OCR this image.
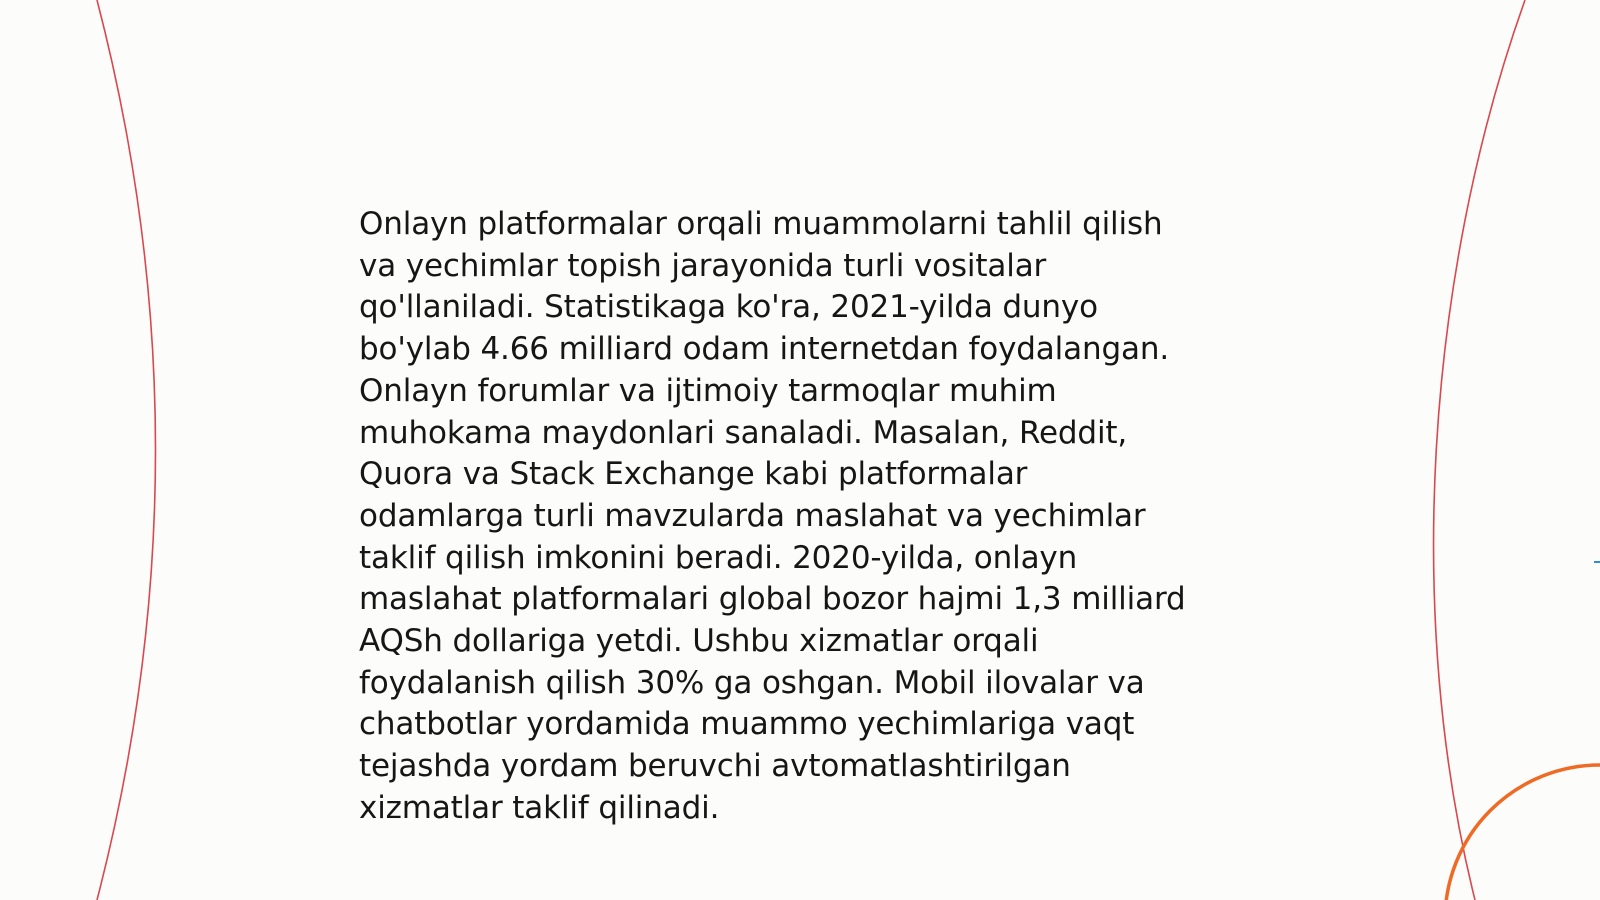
Onlayn platformalar orqali muammolarni tahlil qilish
va yechimlar topish jarayonida turli vositalar
qo'llaniladi. Statistikaga ko'ra, 2021-yilda dunyo
bo'ylab 4.66 milliard odam internetdan foydalangan.
Onlayn forumlar va ijtimoiy tarmoqlar muhim
muhokama maydonlari sanaladi. Masalan, Reddit,
Quora va Stack Exchange kabi platformalar
odamlarga turli mavzularda maslahat va yechimlar
taklif qilish imkonini beradi. 2020-yilda, onlayn
maslahat platformalari global bozor hajmi 1,3 milliard
AQSh dollariga yetdi. Ushbu xizmatlar orqali
foydalanish qilish 30% ga oshgan. Mobil ilovalar va
chatbotlar yordamida muammo yechimlariga vaqt
tejashda yordam beruvchi avtomatlashtirilgan
xizmatlar taklif qilinadi.
